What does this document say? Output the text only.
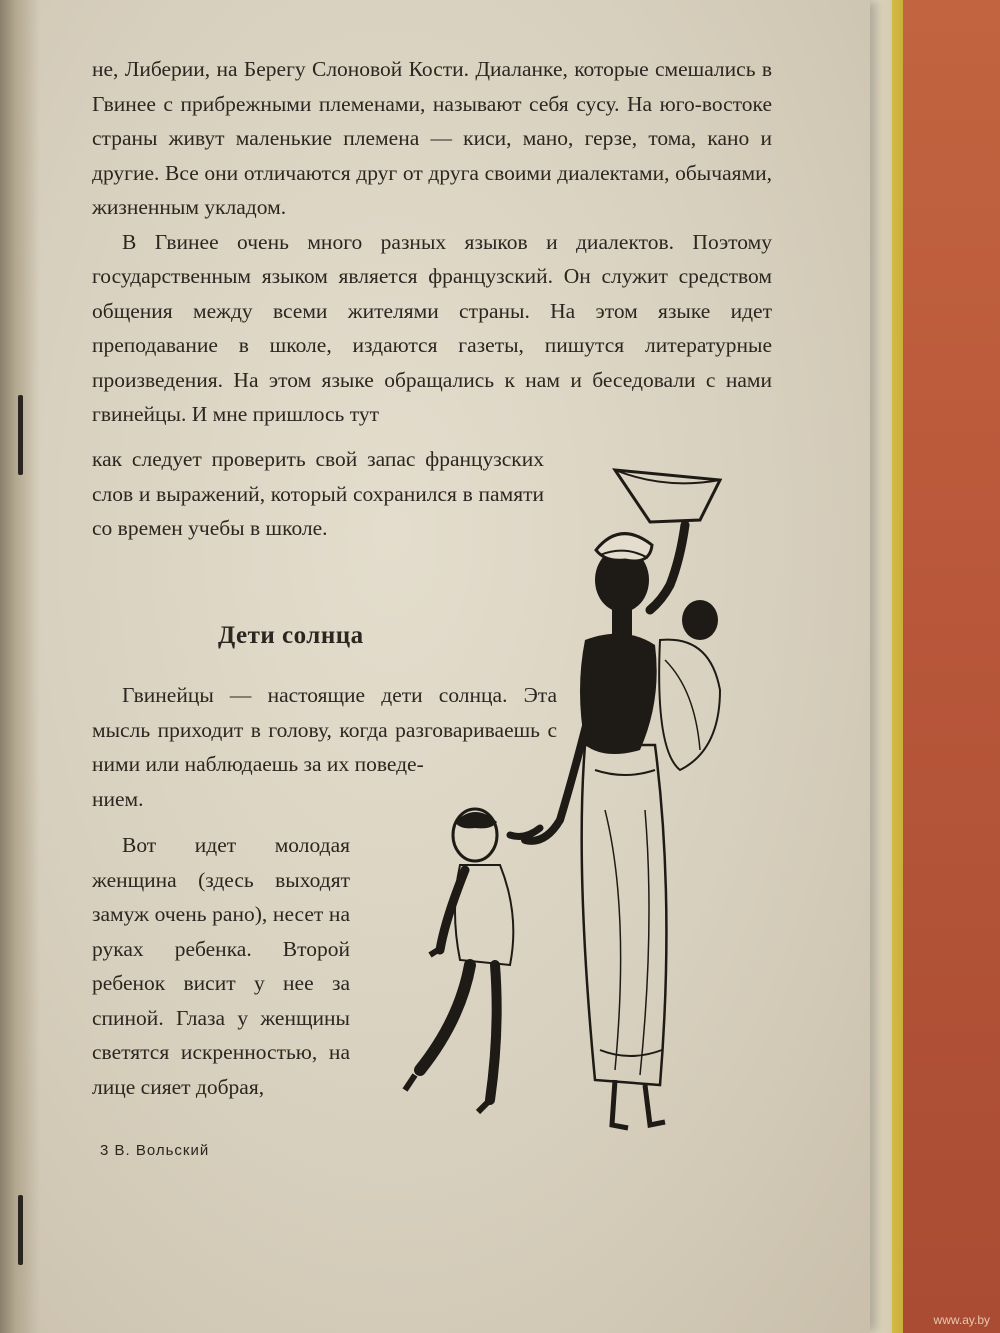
не, Либерии, на Берегу Слоновой Кости. Диаланке, которые смешались в Гвинее с прибрежными племенами, называют себя сусу. На юго-востоке страны живут маленькие племена — киси, мано, герзе, тома, кано и другие. Все они отличаются друг от друга своими диалектами, обычаями, жизненным укладом.

В Гвинее очень много разных языков и диалектов. Поэтому государственным языком является французский. Он служит средством общения между всеми жителями страны. На этом языке идет преподавание в школе, издаются газеты, пишутся литературные произведения. На этом языке обращались к нам и беседовали с нами гвинейцы. И мне пришлось тут

как следует проверить свой запас французских слов и выражений, который сохранился в памяти со времен учебы в школе.

Дети солнца

Гвинейцы — настоящие дети солнца. Эта мысль приходит в голову, когда разговариваешь с ними или наблюдаешь за их поведе-

нием.

Вот идет молодая женщина (здесь выходят замуж очень рано), несет на руках ребенка. Второй ребенок висит у нее за спиной. Глаза у женщины светятся искренностью, на лице сияет добрая,

3 В. Вольский
www.ay.by
